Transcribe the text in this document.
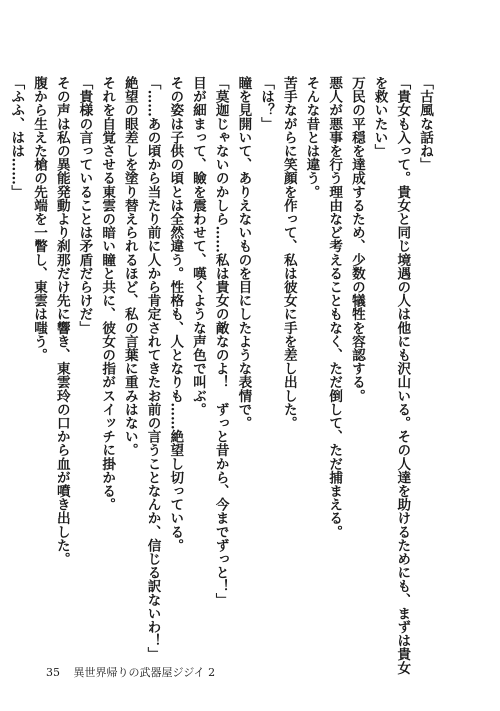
「古風な話ね」
「貴女も入って。貴女と同じ境遇の人は他にも沢山いる。その人達を助けるためにも、まずは貴女
を救いたい」
万民の平穏を達成するため、少数の犠牲を容認する。
悪人が悪事を行う理由など考えることもなく、ただ倒して、ただ捕まえる。
そんな昔とは違う。
苦手ながらに笑顔を作って、私は彼女に手を差し出した。
「は？」
瞳を見開いて、ありえないものを目にしたような表情で。
「莫迦じゃないのかしら……私は貴女の敵なのよ！　ずっと昔から、今までずっと！」
目が細まって、瞼を震わせて、嘆くような声色で叫ぶ。
その姿は子供の頃とは全然違う。性格も、人となりも……絶望し切っている。
「……あの頃から当たり前に人から肯定されてきたお前の言うことなんか、信じる訳ないわ！」
絶望の眼差しを塗り替えられるほど、私の言葉に重みはない。
それを自覚させる東雲の暗い瞳と共に、彼女の指がスイッチに掛かる。
「貴様の言っていることは矛盾だらけだ」
その声は私の異能発動より刹那だけ先に響き、東雲玲の口から血が噴き出した。
腹から生えた槍の先端を一瞥し、東雲は嗤う。
「ふふ、はは……」
35 異世界帰りの武器屋ジジイ 2
